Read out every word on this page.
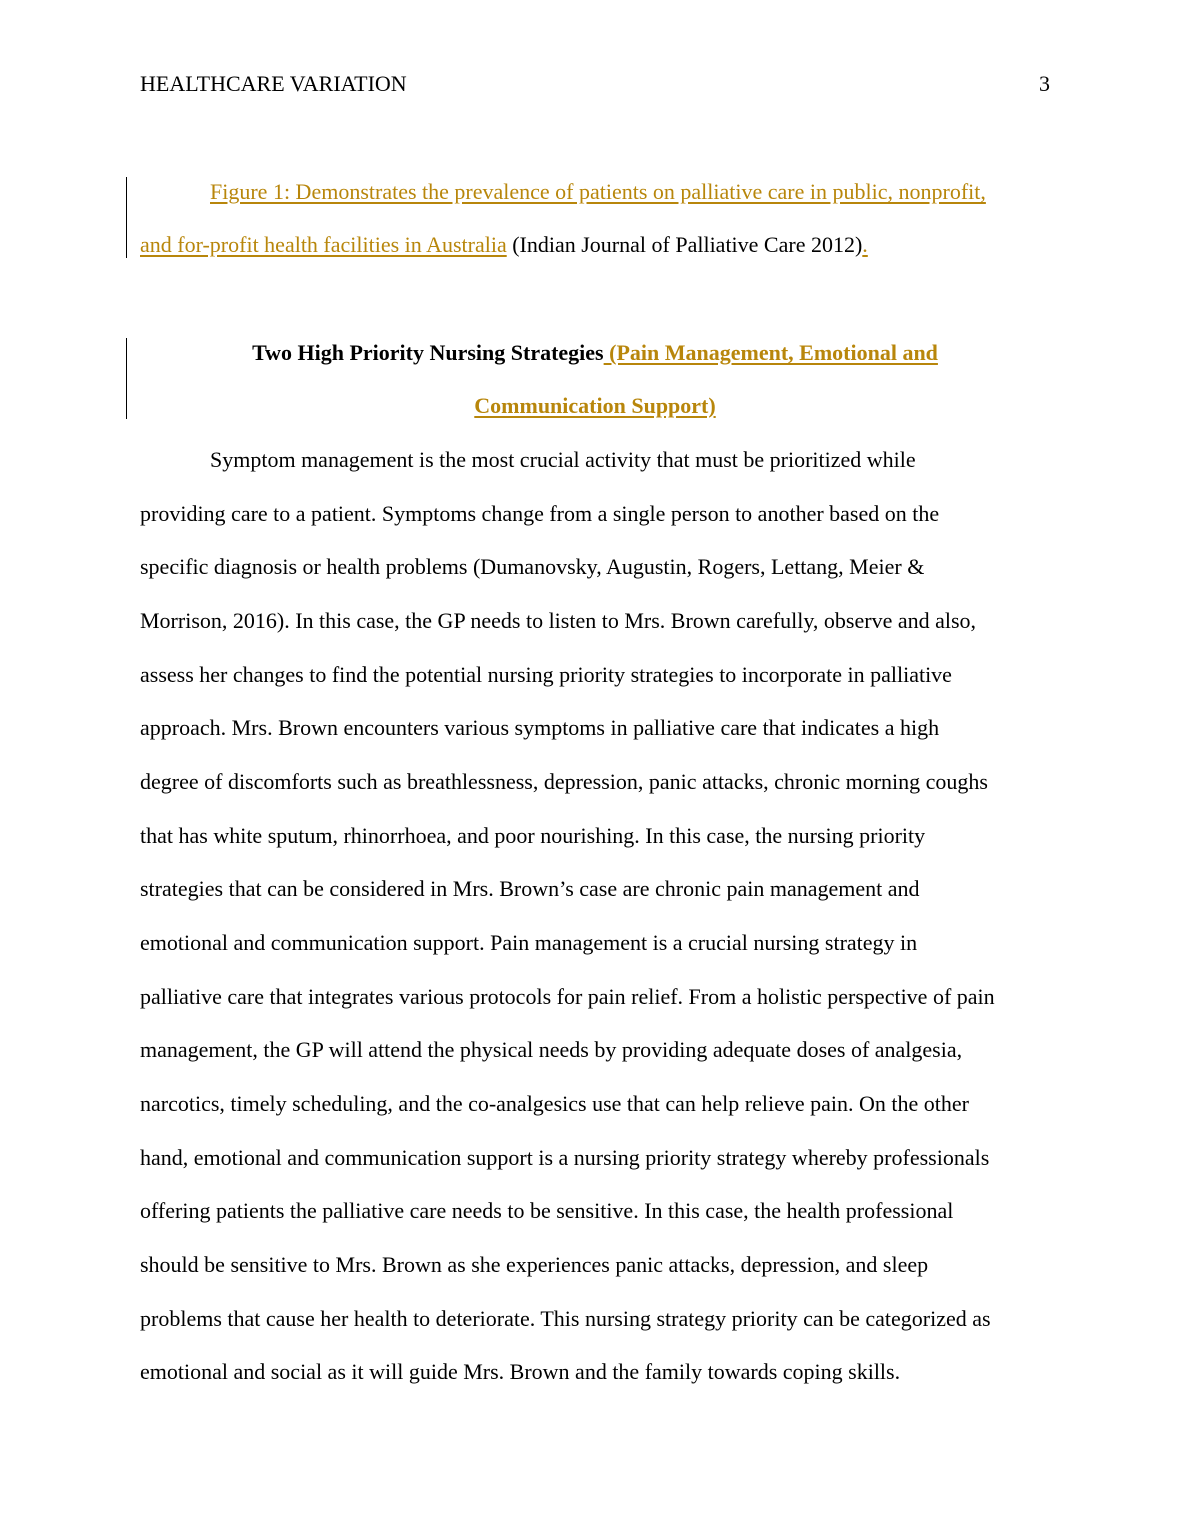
HEALTHCARE VARIATION	3
Figure 1: Demonstrates the prevalence of patients on palliative care in public, nonprofit,
and for-profit health facilities in Australia (Indian Journal of Palliative Care 2012).
Two High Priority Nursing Strategies (Pain Management, Emotional and
Communication Support)
Symptom management is the most crucial activity that must be prioritized while
providing care to a patient. Symptoms change from a single person to another based on the
specific diagnosis or health problems (Dumanovsky, Augustin, Rogers, Lettang, Meier &
Morrison, 2016). In this case, the GP needs to listen to Mrs. Brown carefully, observe and also,
assess her changes to find the potential nursing priority strategies to incorporate in palliative
approach. Mrs. Brown encounters various symptoms in palliative care that indicates a high
degree of discomforts such as breathlessness, depression, panic attacks, chronic morning coughs
that has white sputum, rhinorrhoea, and poor nourishing. In this case, the nursing priority
strategies that can be considered in Mrs. Brown’s case are chronic pain management and
emotional and communication support. Pain management is a crucial nursing strategy in
palliative care that integrates various protocols for pain relief. From a holistic perspective of pain
management, the GP will attend the physical needs by providing adequate doses of analgesia,
narcotics, timely scheduling, and the co-analgesics use that can help relieve pain. On the other
hand, emotional and communication support is a nursing priority strategy whereby professionals
offering patients the palliative care needs to be sensitive. In this case, the health professional
should be sensitive to Mrs. Brown as she experiences panic attacks, depression, and sleep
problems that cause her health to deteriorate. This nursing strategy priority can be categorized as
emotional and social as it will guide Mrs. Brown and the family towards coping skills.
